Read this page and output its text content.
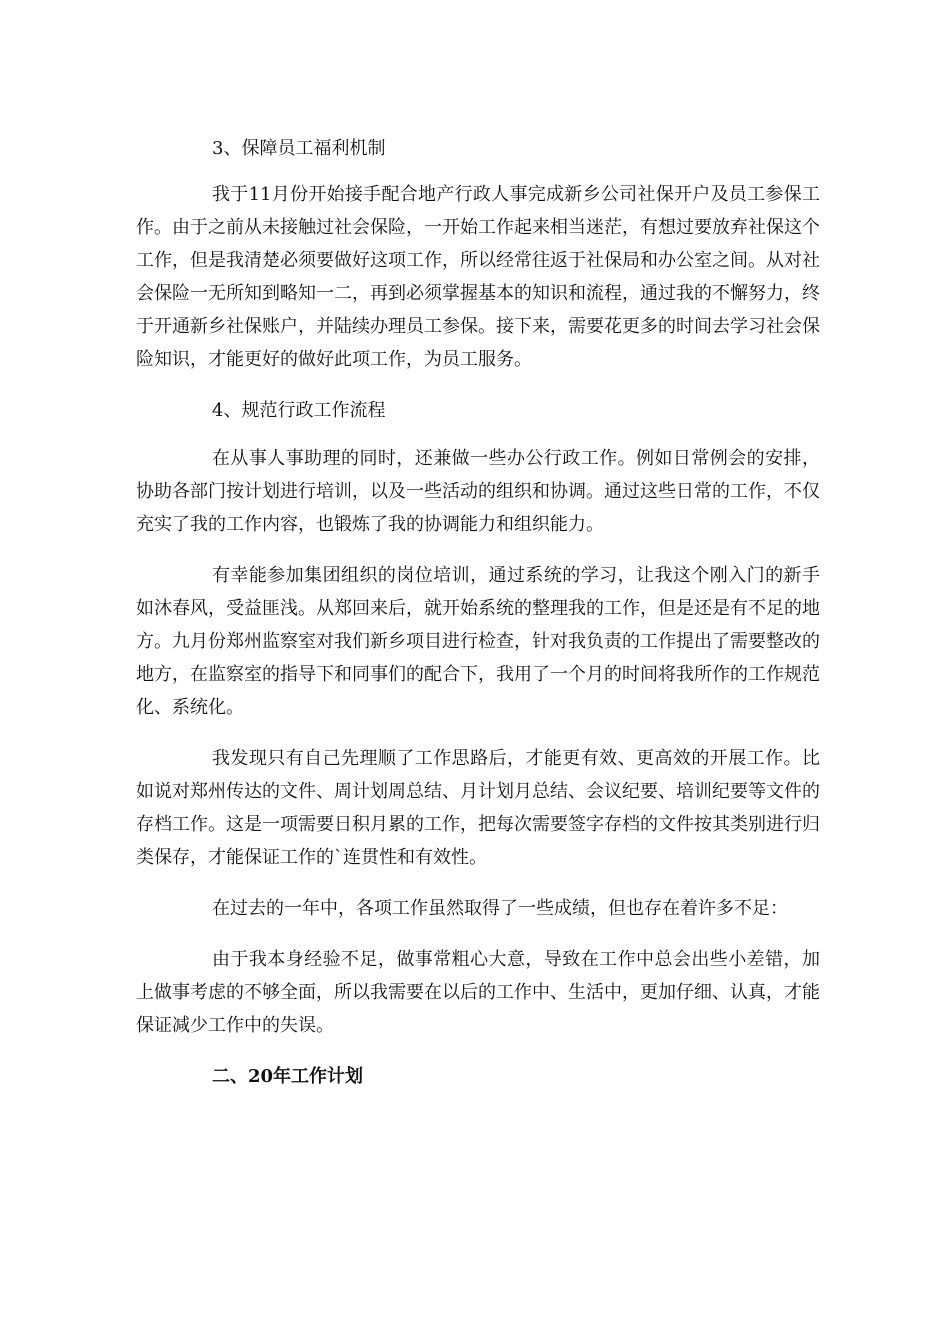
3、保障员工福利机制

我于11月份开始接手配合地产行政人事完成新乡公司社保开户及员工参保工作。由于之前从未接触过社会保险，一开始工作起来相当迷茫，有想过要放弃社保这个工作，但是我清楚必须要做好这项工作，所以经常往返于社保局和办公室之间。从对社会保险一无所知到略知一二，再到必须掌握基本的知识和流程，通过我的不懈努力，终于开通新乡社保账户，并陆续办理员工参保。接下来，需要花更多的时间去学习社会保险知识，才能更好的做好此项工作，为员工服务。

4、规范行政工作流程

在从事人事助理的同时，还兼做一些办公行政工作。例如日常例会的安排，协助各部门按计划进行培训，以及一些活动的组织和协调。通过这些日常的工作，不仅充实了我的工作内容，也锻炼了我的协调能力和组织能力。

有幸能参加集团组织的岗位培训，通过系统的学习，让我这个刚入门的新手如沐春风，受益匪浅。从郑回来后，就开始系统的整理我的工作，但是还是有不足的地方。九月份郑州监察室对我们新乡项目进行检查，针对我负责的工作提出了需要整改的地方，在监察室的指导下和同事们的配合下，我用了一个月的时间将我所作的工作规范化、系统化。

我发现只有自己先理顺了工作思路后，才能更有效、更高效的开展工作。比如说对郑州传达的文件、周计划周总结、月计划月总结、会议纪要、培训纪要等文件的存档工作。这是一项需要日积月累的工作，把每次需要签字存档的文件按其类别进行归类保存，才能保证工作的`连贯性和有效性。

在过去的一年中，各项工作虽然取得了一些成绩，但也存在着许多不足：

由于我本身经验不足，做事常粗心大意，导致在工作中总会出些小差错，加上做事考虑的不够全面，所以我需要在以后的工作中、生活中，更加仔细、认真，才能保证减少工作中的失误。

二、20年工作计划
